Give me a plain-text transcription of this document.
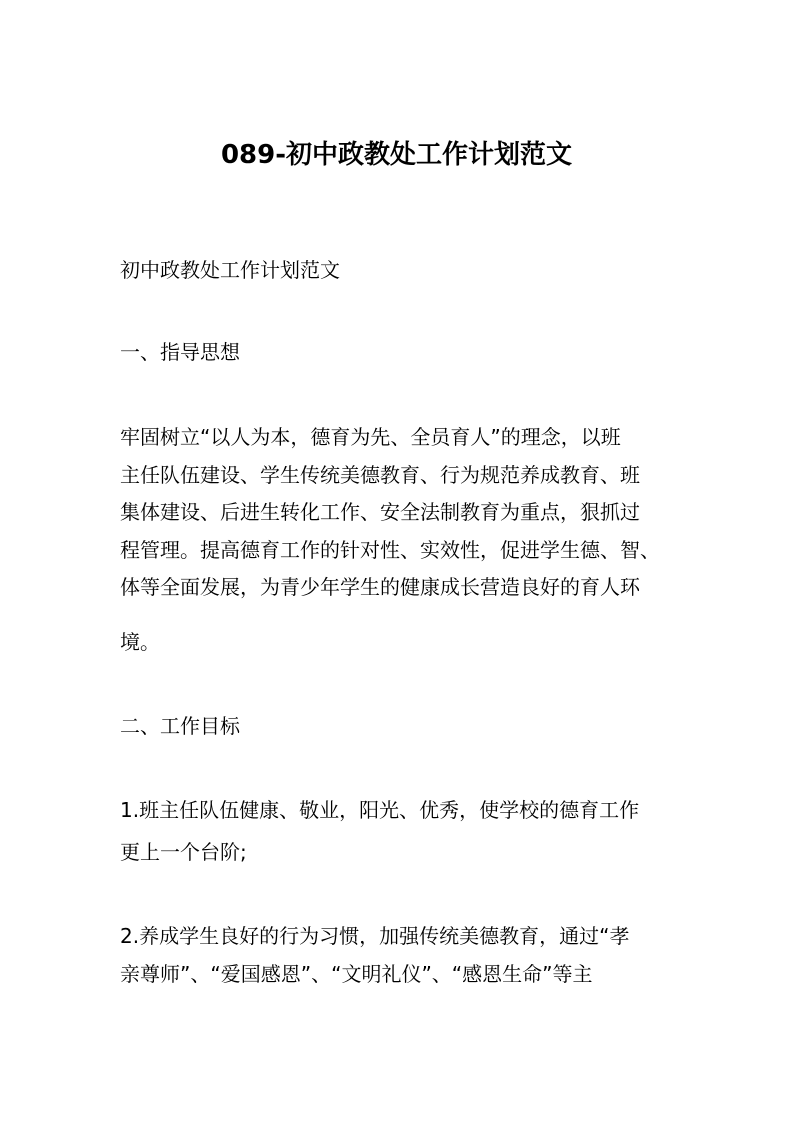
089-初中政教处工作计划范文
初中政教处工作计划范文
一、指导思想
牢固树立“以人为本，德育为先、全员育人”的理念，以班
主任队伍建设、学生传统美德教育、行为规范养成教育、班
集体建设、后进生转化工作、安全法制教育为重点，狠抓过
程管理。提高德育工作的针对性、实效性，促进学生德、智、
体等全面发展，为青少年学生的健康成长营造良好的育人环
境。
二、工作目标
1.班主任队伍健康、敬业，阳光、优秀，使学校的德育工作
更上一个台阶;
2.养成学生良好的行为习惯，加强传统美德教育，通过“孝
亲尊师”、“爱国感恩”、“文明礼仪”、“感恩生命”等主
